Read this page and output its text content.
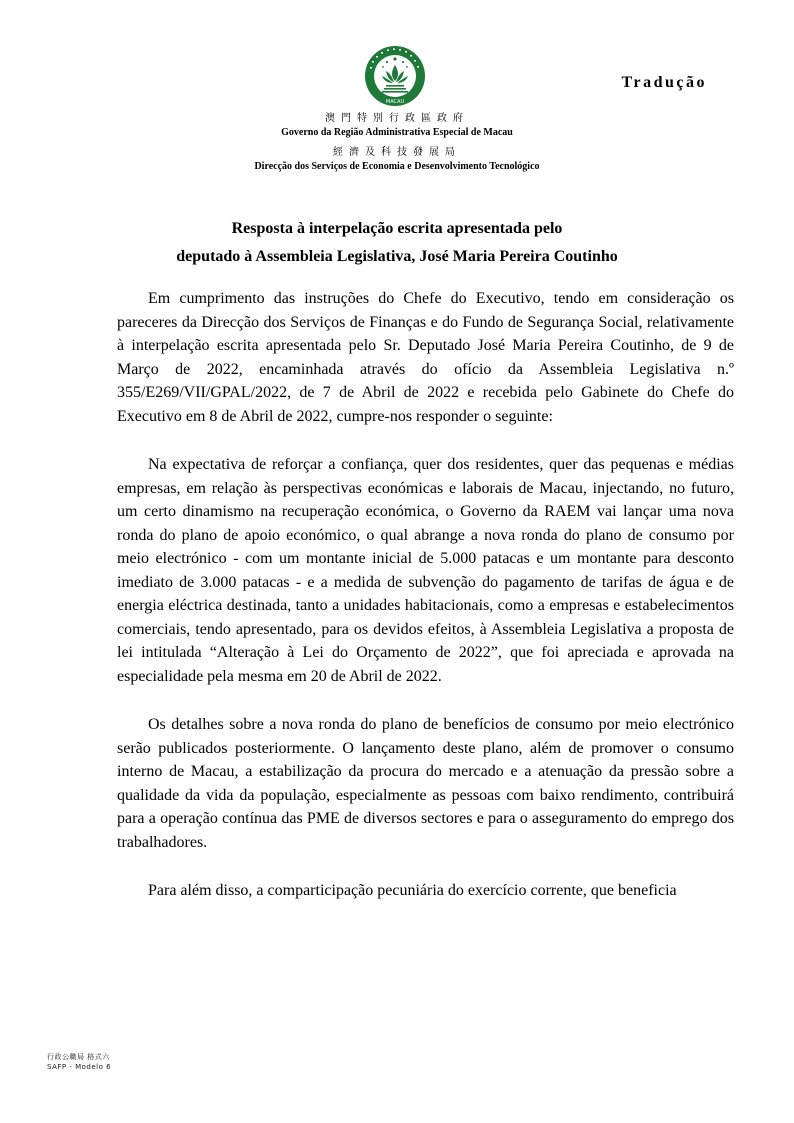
MACAU
Tradução
澳門特別行政區政府
Governo da Região Administrativa Especial de Macau
經濟及科技發展局
Direcção dos Serviços de Economia e Desenvolvimento Tecnológico
Resposta à interpelação escrita apresentada pelo
deputado à Assembleia Legislativa, José Maria Pereira Coutinho

Em cumprimento das instruções do Chefe do Executivo, tendo em consideração os pareceres da Direcção dos Serviços de Finanças e do Fundo de Segurança Social, relativamente à interpelação escrita apresentada pelo Sr. Deputado José Maria Pereira Coutinho, de 9 de Março de 2022, encaminhada através do ofício da Assembleia Legislativa n.º 355/E269/VII/GPAL/2022, de 7 de Abril de 2022 e recebida pelo Gabinete do Chefe do Executivo em 8 de Abril de 2022, cumpre-nos responder o seguinte:

Na expectativa de reforçar a confiança, quer dos residentes, quer das pequenas e médias empresas, em relação às perspectivas económicas e laborais de Macau, injectando, no futuro, um certo dinamismo na recuperação económica, o Governo da RAEM vai lançar uma nova ronda do plano de apoio económico, o qual abrange a nova ronda do plano de consumo por meio electrónico - com um montante inicial de 5.000 patacas e um montante para desconto imediato de 3.000 patacas - e a medida de subvenção do pagamento de tarifas de água e de energia eléctrica destinada, tanto a unidades habitacionais, como a empresas e estabelecimentos comerciais, tendo apresentado, para os devidos efeitos, à Assembleia Legislativa a proposta de lei intitulada “Alteração à Lei do Orçamento de 2022”, que foi apreciada e aprovada na especialidade pela mesma em 20 de Abril de 2022.

Os detalhes sobre a nova ronda do plano de benefícios de consumo por meio electrónico serão publicados posteriormente. O lançamento deste plano, além de promover o consumo interno de Macau, a estabilização da procura do mercado e a atenuação da pressão sobre a qualidade da vida da população, especialmente as pessoas com baixo rendimento, contribuirá para a operação contínua das PME de diversos sectores e para o asseguramento do emprego dos trabalhadores.

Para além disso, a comparticipação pecuniária do exercício corrente, que beneficia

行政公職局 格式六
SAFP - Modelo 6
